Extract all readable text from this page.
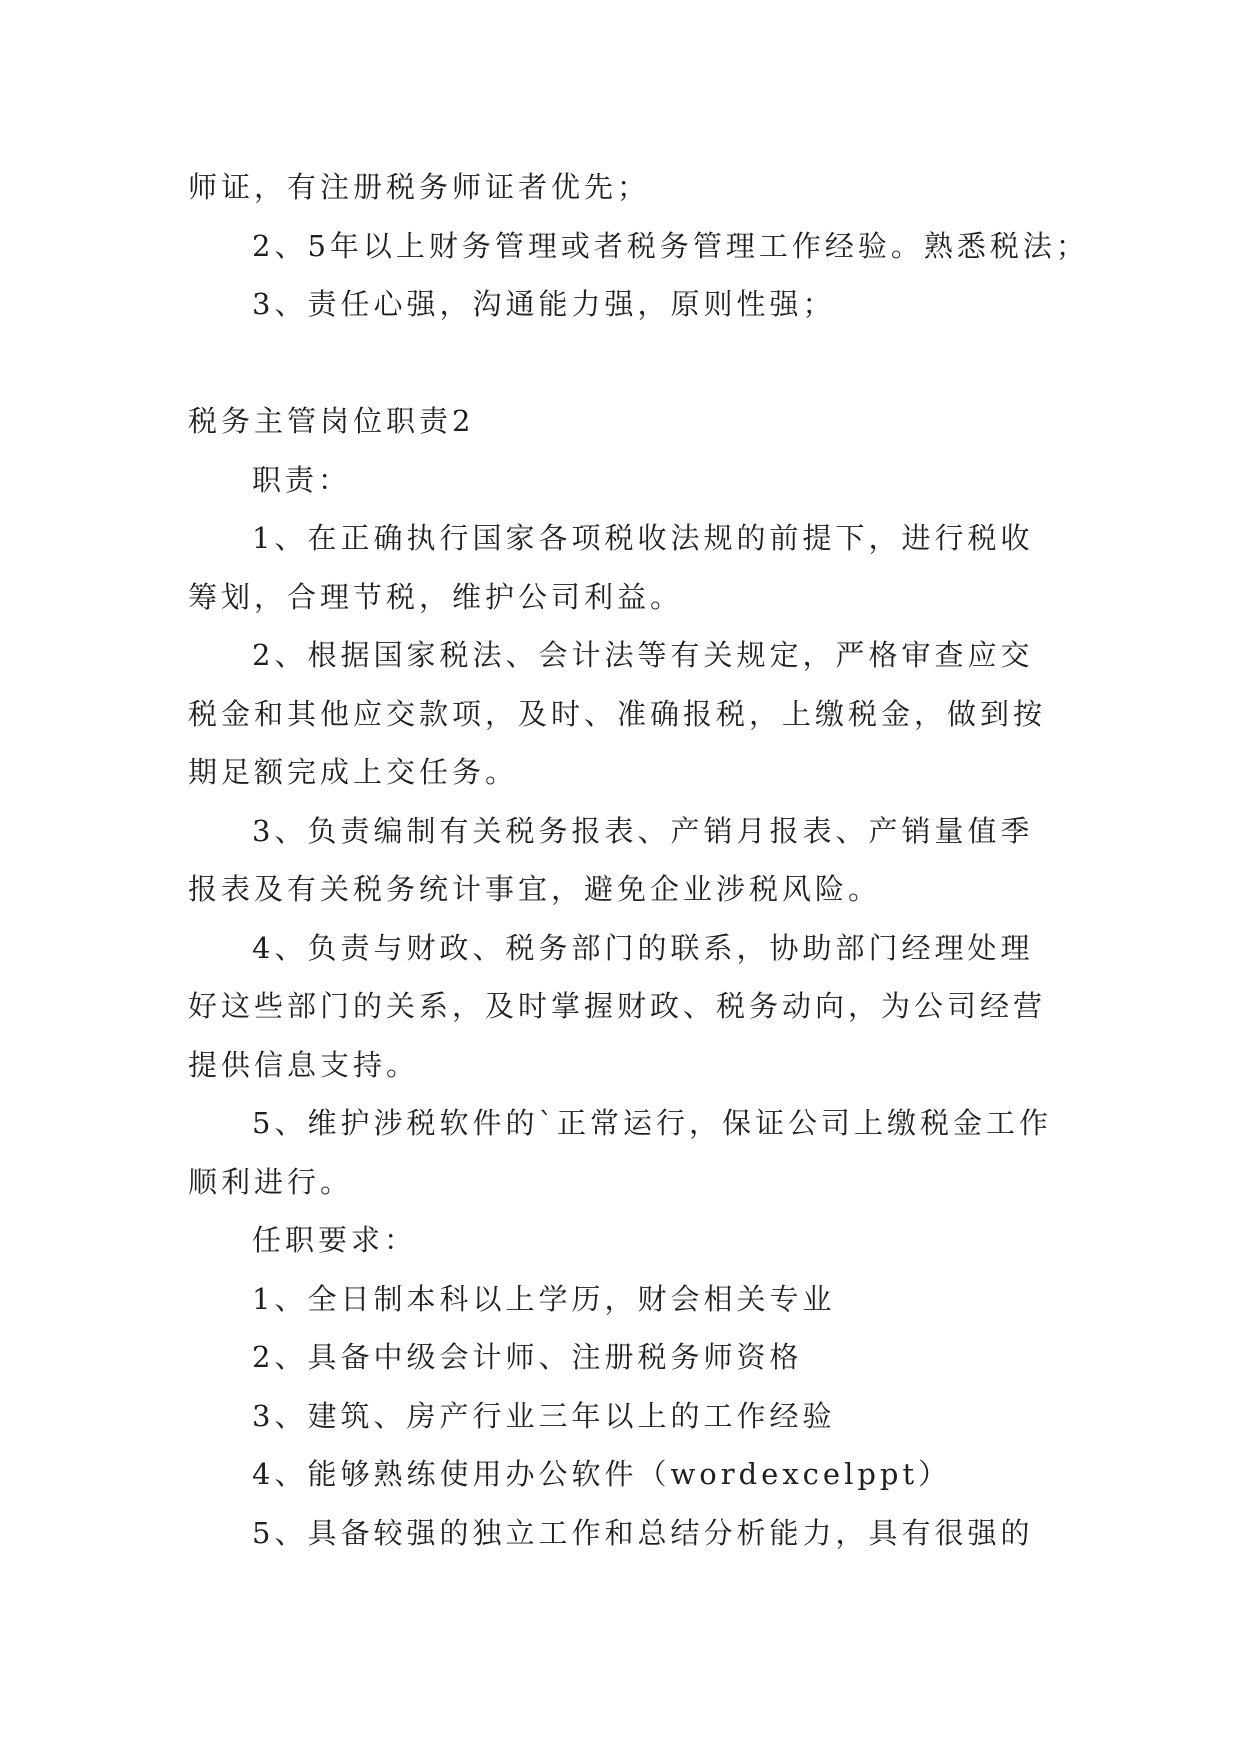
师证，有注册税务师证者优先；
2、5年以上财务管理或者税务管理工作经验。熟悉税法；
3、责任心强，沟通能力强，原则性强；
税务主管岗位职责2
职责：
1、在正确执行国家各项税收法规的前提下，进行税收
筹划，合理节税，维护公司利益。
2、根据国家税法、会计法等有关规定，严格审查应交
税金和其他应交款项，及时、准确报税，上缴税金，做到按
期足额完成上交任务。
3、负责编制有关税务报表、产销月报表、产销量值季
报表及有关税务统计事宜，避免企业涉税风险。
4、负责与财政、税务部门的联系，协助部门经理处理
好这些部门的关系，及时掌握财政、税务动向，为公司经营
提供信息支持。
5、维护涉税软件的`正常运行，保证公司上缴税金工作
顺利进行。
任职要求：
1、全日制本科以上学历，财会相关专业
2、具备中级会计师、注册税务师资格
3、建筑、房产行业三年以上的工作经验
4、能够熟练使用办公软件（wordexcelppt）
5、具备较强的独立工作和总结分析能力，具有很强的
